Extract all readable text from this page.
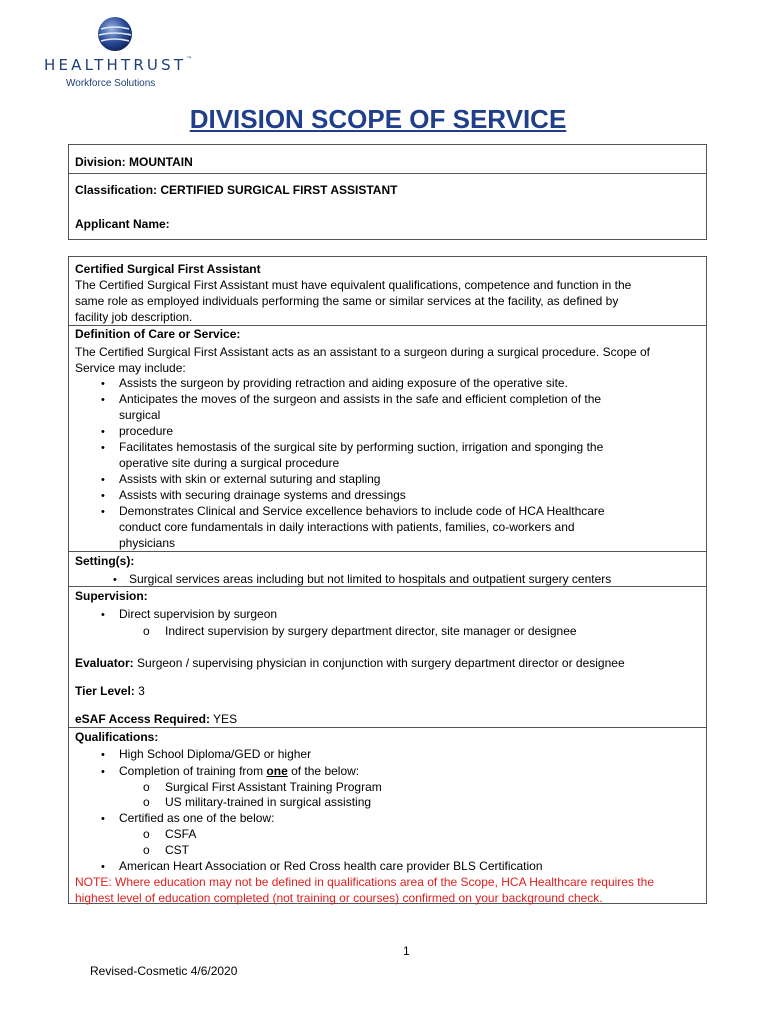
HEALTHTRUST™
Workforce Solutions
DIVISION SCOPE OF SERVICE
Division: MOUNTAIN
Classification: CERTIFIED SURGICAL FIRST ASSISTANT
Applicant Name:
Certified Surgical First Assistant
The Certified Surgical First Assistant must have equivalent qualifications, competence and function in the
same role as employed individuals performing the same or similar services at the facility, as defined by
facility job description.
Definition of Care or Service:
The Certified Surgical First Assistant acts as an assistant to a surgeon during a surgical procedure. Scope of
Service may include:
• Assists the surgeon by providing retraction and aiding exposure of the operative site.
• Anticipates the moves of the surgeon and assists in the safe and efficient completion of the
surgical
• procedure
• Facilitates hemostasis of the surgical site by performing suction, irrigation and sponging the
operative site during a surgical procedure
• Assists with skin or external suturing and stapling
• Assists with securing drainage systems and dressings
• Demonstrates Clinical and Service excellence behaviors to include code of HCA Healthcare
conduct core fundamentals in daily interactions with patients, families, co-workers and
physicians
Setting(s):
• Surgical services areas including but not limited to hospitals and outpatient surgery centers
Supervision:
• Direct supervision by surgeon
o Indirect supervision by surgery department director, site manager or designee
Evaluator: Surgeon / supervising physician in conjunction with surgery department director or designee
Tier Level: 3
eSAF Access Required: YES
Qualifications:
• High School Diploma/GED or higher
• Completion of training from one of the below:
o Surgical First Assistant Training Program
o US military-trained in surgical assisting
• Certified as one of the below:
o CSFA
o CST
• American Heart Association or Red Cross health care provider BLS Certification
NOTE: Where education may not be defined in qualifications area of the Scope, HCA Healthcare requires the
highest level of education completed (not training or courses) confirmed on your background check.
1
Revised-Cosmetic 4/6/2020
